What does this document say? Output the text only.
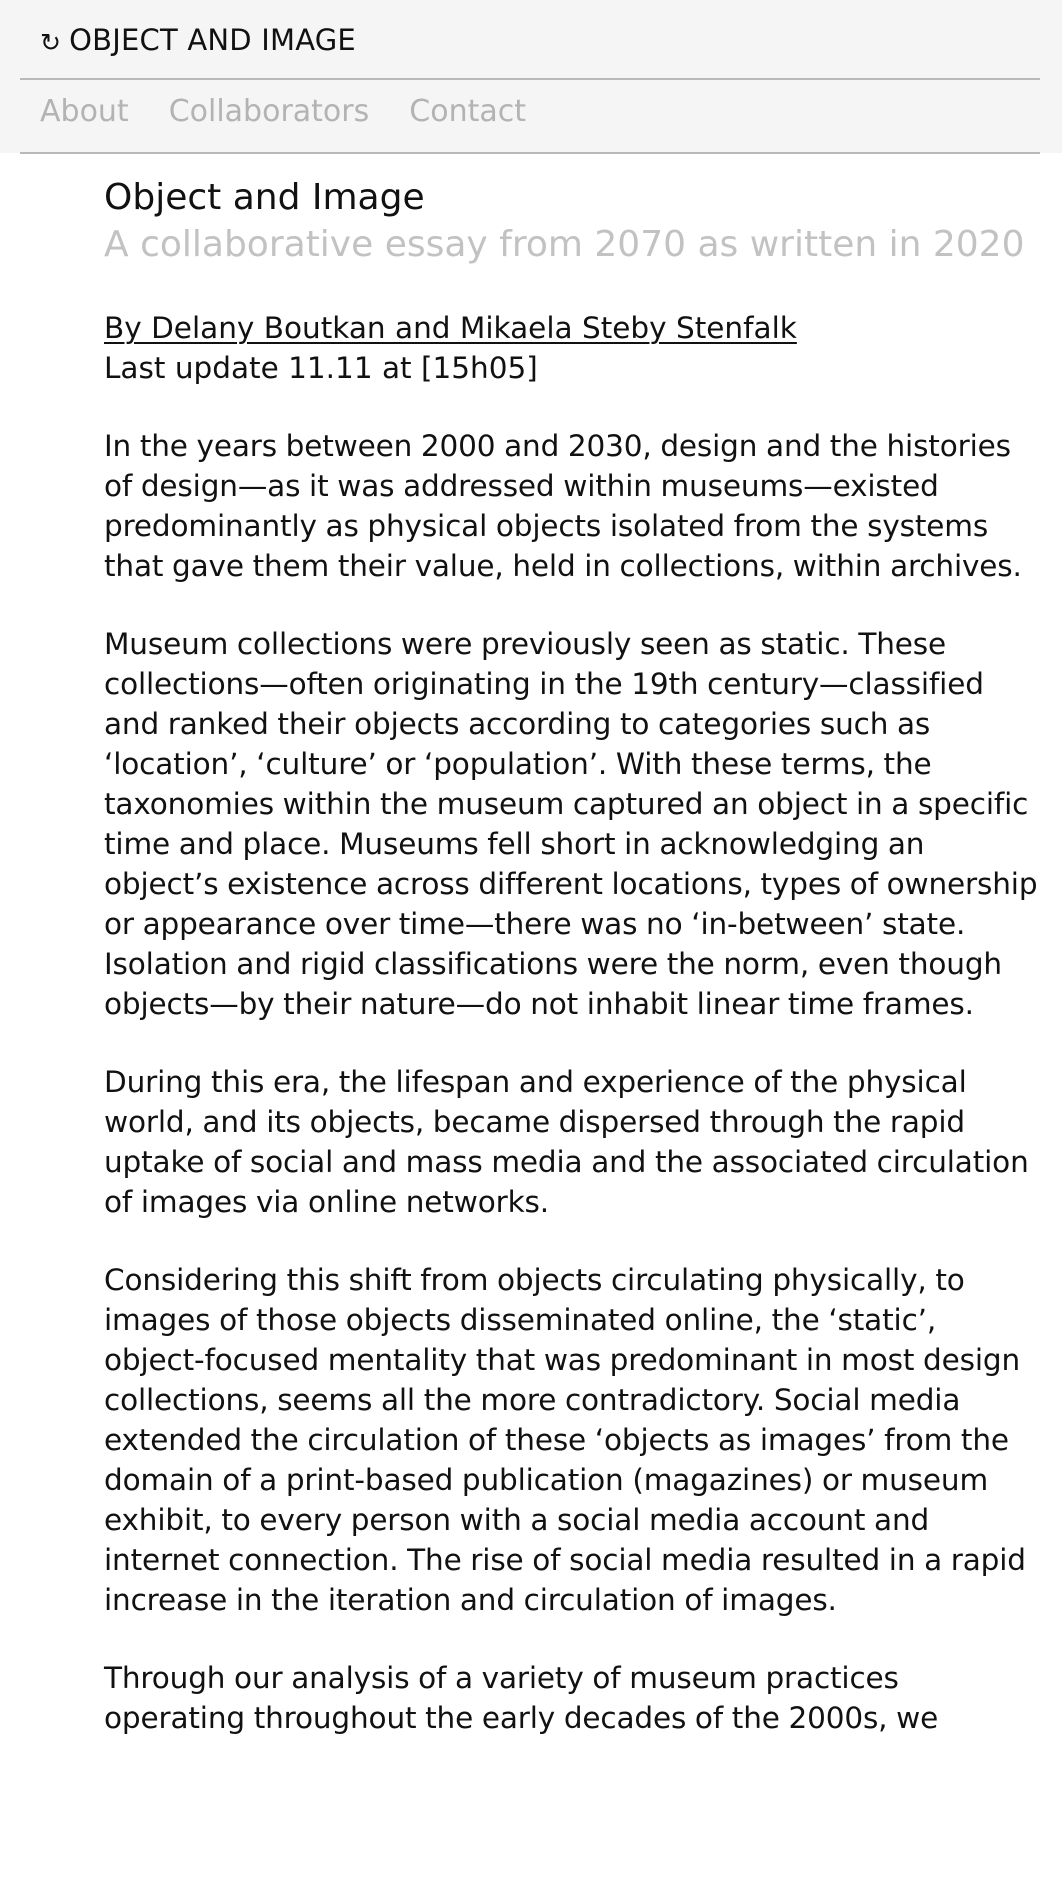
↻ OBJECT AND IMAGE
About Collaborators Contact
Object and Image
A collaborative essay from 2070 as written in 2020
By Delany Boutkan and Mikaela Steby Stenfalk
Last update 11.11 at [15h05]

In the years between 2000 and 2030, design and the histories of design—as it was addressed within museums—existed predominantly as physical objects isolated from the systems that gave them their value, held in collections, within archives.

Museum collections were previously seen as static. These collections—often originating in the 19th century—classified and ranked their objects according to categories such as ‘location’, ‘culture’ or ‘population’. With these terms, the taxonomies within the museum captured an object in a specific time and place. Museums fell short in acknowledging an object’s existence across different locations, types of ownership or appearance over time—there was no ‘in-between’ state. Isolation and rigid classifications were the norm, even though objects—by their nature—do not inhabit linear time frames.

During this era, the lifespan and experience of the physical world, and its objects, became dispersed through the rapid uptake of social and mass media and the associated circulation of images via online networks.

Considering this shift from objects circulating physically, to images of those objects disseminated online, the ‘static’, object-focused mentality that was predominant in most design collections, seems all the more contradictory. Social media extended the circulation of these ‘objects as images’ from the domain of a print-based publication (magazines) or museum exhibit, to every person with a social media account and internet connection. The rise of social media resulted in a rapid increase in the iteration and circulation of images.

Through our analysis of a variety of museum practices operating throughout the early decades of the 2000s, we
